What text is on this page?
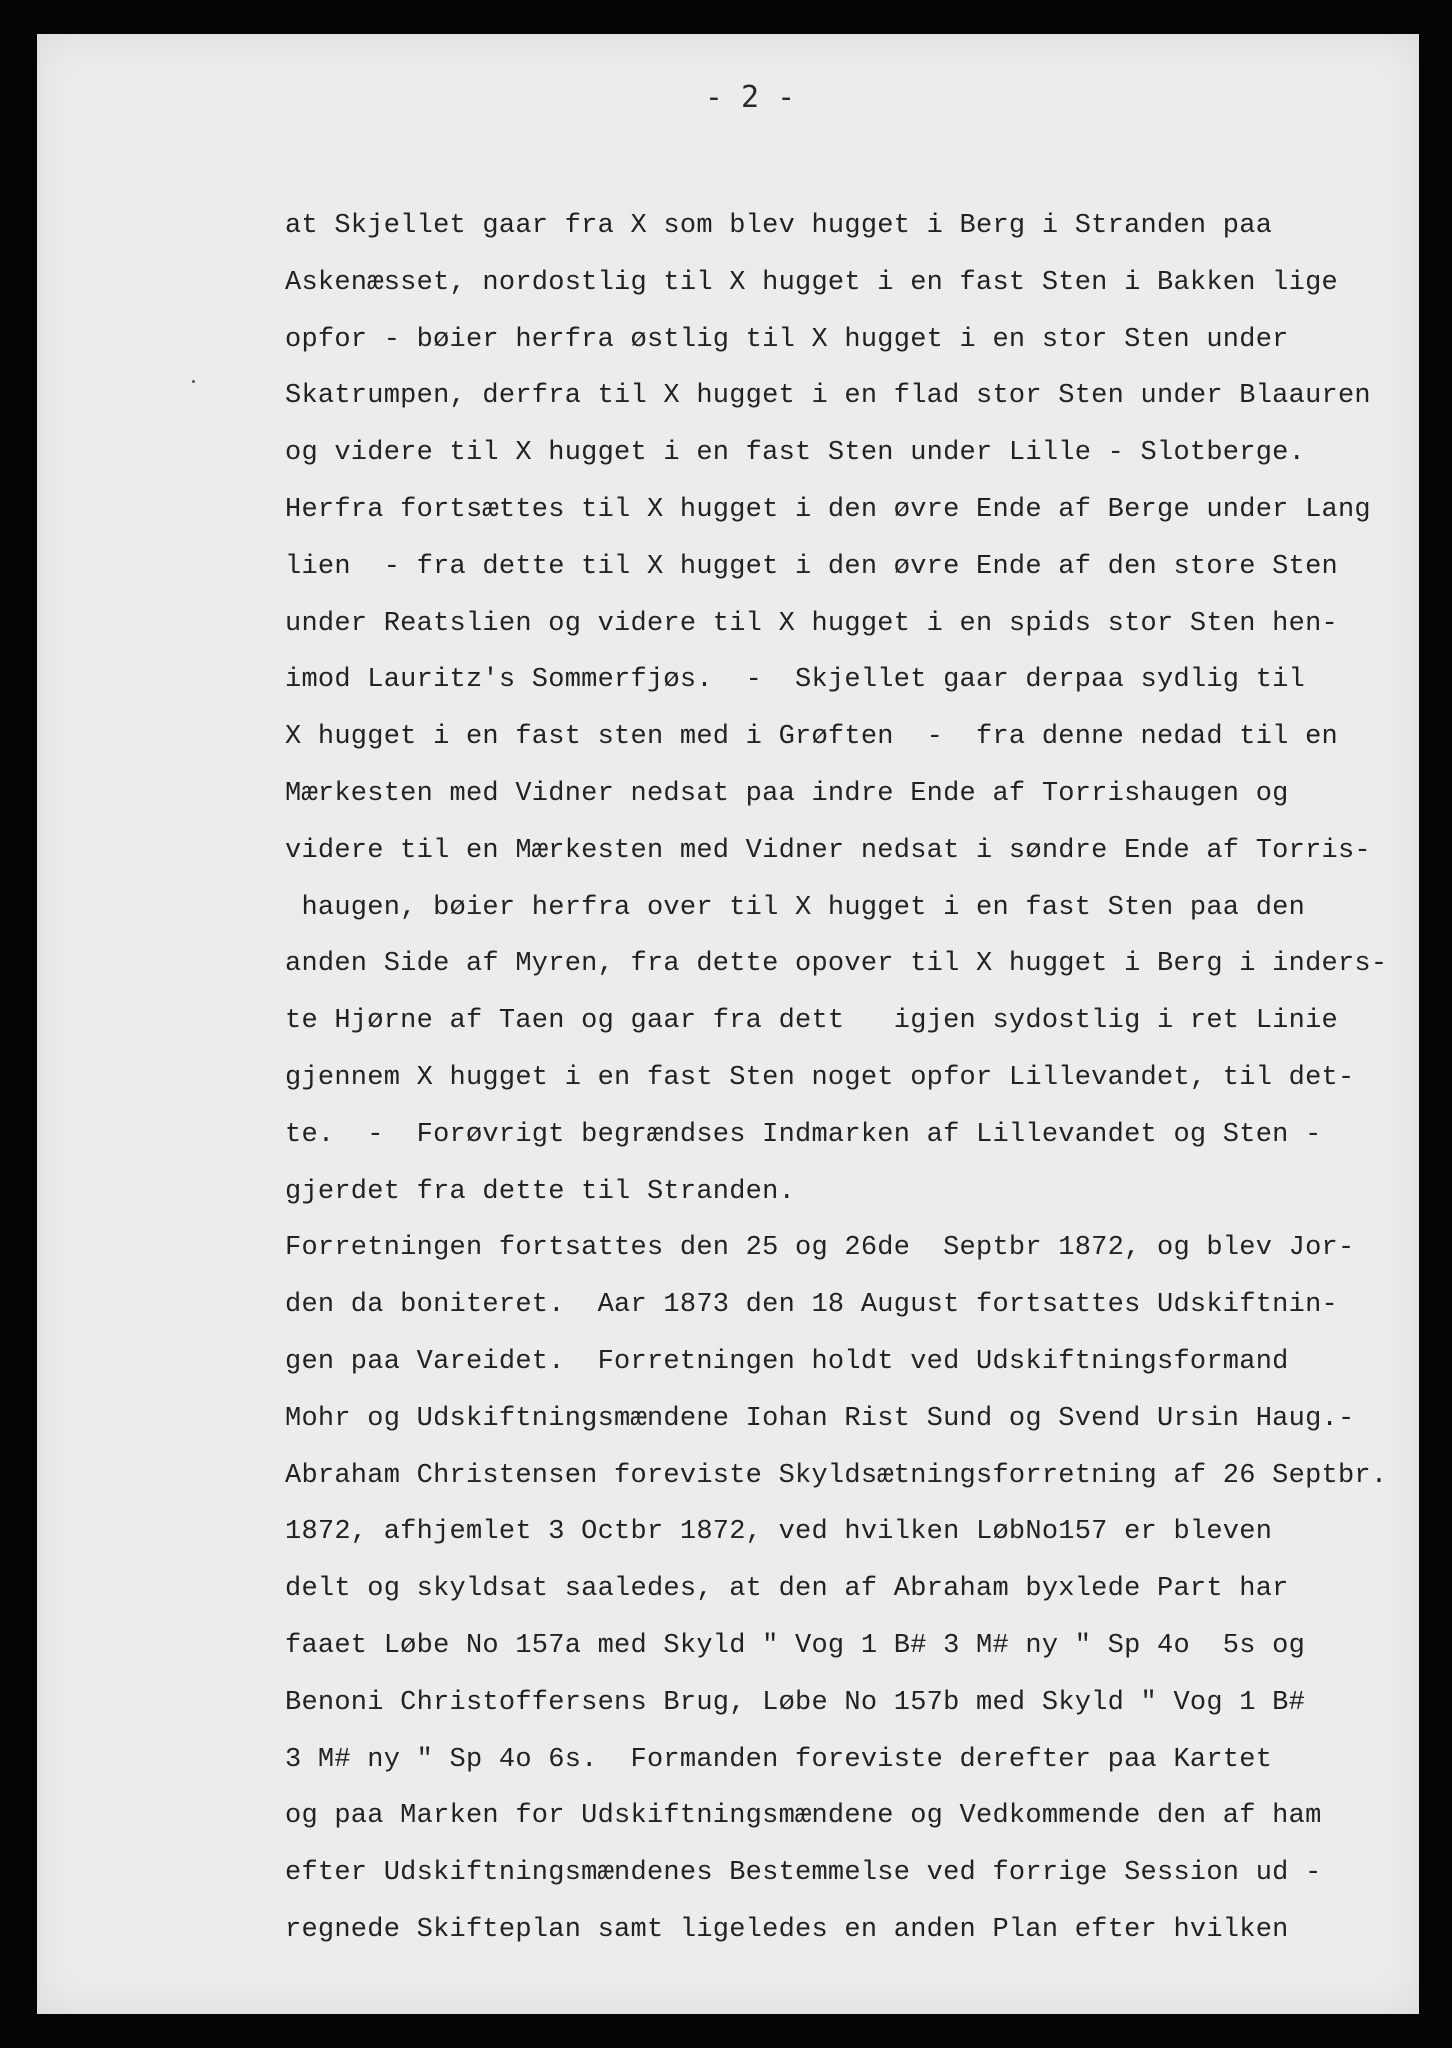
- 2 -
at Skjellet gaar fra X som blev hugget i Berg i Stranden paa
Askenæsset, nordostlig til X hugget i en fast Sten i Bakken lige
opfor - bøier herfra østlig til X hugget i en stor Sten under
Skatrumpen, derfra til X hugget i en flad stor Sten under Blaauren
og videre til X hugget i en fast Sten under Lille - Slotberge.
Herfra fortsættes til X hugget i den øvre Ende af Berge under Lang
lien  - fra dette til X hugget i den øvre Ende af den store Sten
under Reatslien og videre til X hugget i en spids stor Sten hen-
imod Lauritz's Sommerfjøs.  -  Skjellet gaar derpaa sydlig til
X hugget i en fast sten med i Grøften  -  fra denne nedad til en
Mærkesten med Vidner nedsat paa indre Ende af Torrishaugen og
videre til en Mærkesten med Vidner nedsat i søndre Ende af Torris-
haugen, bøier herfra over til X hugget i en fast Sten paa den
anden Side af Myren, fra dette opover til X hugget i Berg i inders-
te Hjørne af Taen og gaar fra dett   igjen sydostlig i ret Linie
gjennem X hugget i en fast Sten noget opfor Lillevandet, til det-
te.  -  Forøvrigt begrændses Indmarken af Lillevandet og Sten -
gjerdet fra dette til Stranden.
Forretningen fortsattes den 25 og 26de  Septbr 1872, og blev Jor-
den da boniteret.  Aar 1873 den 18 August fortsattes Udskiftnin-
gen paa Vareidet.  Forretningen holdt ved Udskiftningsformand
Mohr og Udskiftningsmændene Iohan Rist Sund og Svend Ursin Haug.-
Abraham Christensen foreviste Skyldsætningsforretning af 26 Septbr.
1872, afhjemlet 3 Octbr 1872, ved hvilken LøbNo157 er bleven
delt og skyldsat saaledes, at den af Abraham byxlede Part har
faaet Løbe No 157a med Skyld " Vog 1 B# 3 M# ny " Sp 4o  5s og
Benoni Christoffersens Brug, Løbe No 157b med Skyld " Vog 1 B#
3 M# ny " Sp 4o 6s.  Formanden foreviste derefter paa Kartet
og paa Marken for Udskiftningsmændene og Vedkommende den af ham
efter Udskiftningsmændenes Bestemmelse ved forrige Session ud -
regnede Skifteplan samt ligeledes en anden Plan efter hvilken
